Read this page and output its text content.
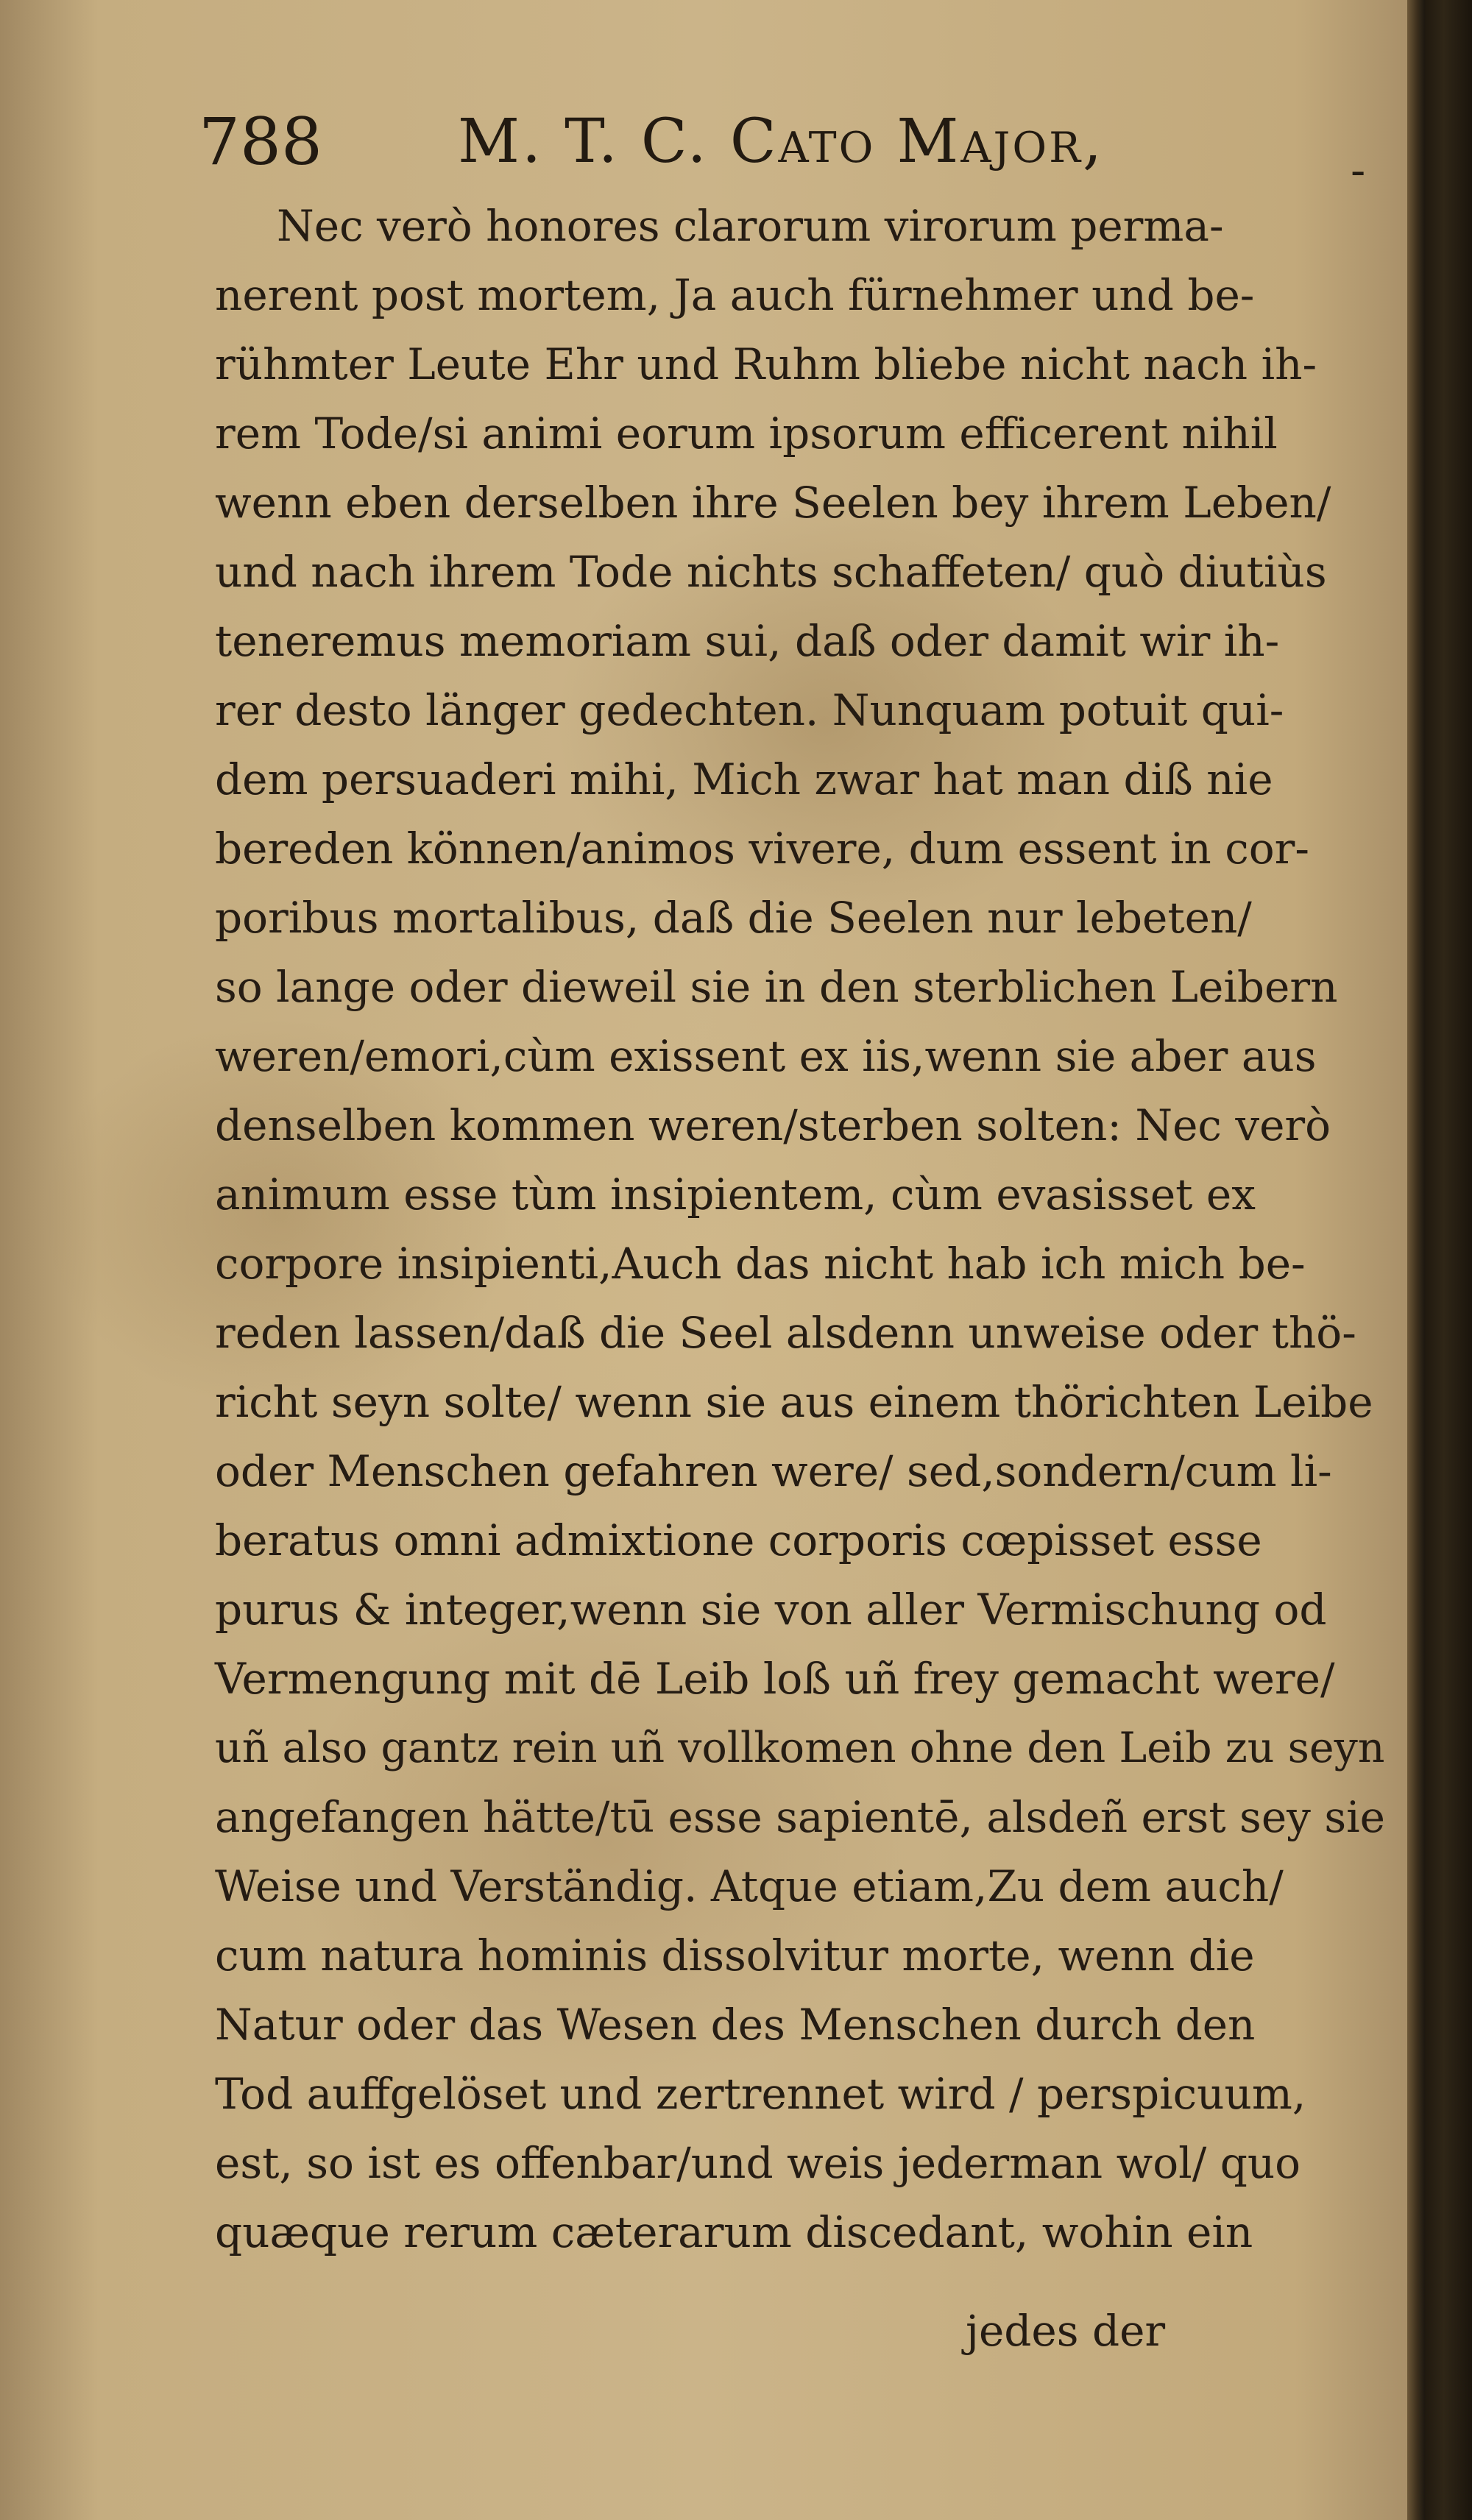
788 M. T. C. Cato Major,	-
Nec verò honores clarorum virorum perma-
nerent post mortem, Ja auch fürnehmer und be-
rühmter Leute Ehr und Ruhm bliebe nicht nach ih-
rem Tode/si animi eorum ipsorum efficerent nihil
wenn eben derselben ihre Seelen bey ihrem Leben/
und nach ihrem Tode nichts schaffeten/ quò diutiùs
teneremus memoriam sui, daß oder damit wir ih-
rer desto länger gedechten. Nunquam potuit qui-
dem persuaderi mihi, Mich zwar hat man diß nie
bereden können/animos vivere, dum essent in cor-
poribus mortalibus, daß die Seelen nur lebeten/
so lange oder dieweil sie in den sterblichen Leibern
weren/emori,cùm exissent ex iis,wenn sie aber aus
denselben kommen weren/sterben solten: Nec verò
animum esse tùm insipientem, cùm evasisset ex
corpore insipienti,Auch das nicht hab ich mich be-
reden lassen/daß die Seel alsdenn unweise oder thö-
richt seyn solte/ wenn sie aus einem thörichten Leibe
oder Menschen gefahren were/ sed,sondern/cum li-
beratus omni admixtione corporis cœpisset esse
purus & integer,wenn sie von aller Vermischung od
Vermengung mit dē Leib loß uñ frey gemacht were/
uñ also gantz rein uñ vollkomen ohne den Leib zu seyn
angefangen hätte/tū esse sapientē, alsdeñ erst sey sie
Weise und Verständig. Atque etiam,Zu dem auch/
cum natura hominis dissolvitur morte, wenn die
Natur oder das Wesen des Menschen durch den
Tod auffgelöset und zertrennet wird / perspicuum,
est, so ist es offenbar/und weis jederman wol/ quo
quæque rerum cæterarum discedant, wohin ein
jedes der
